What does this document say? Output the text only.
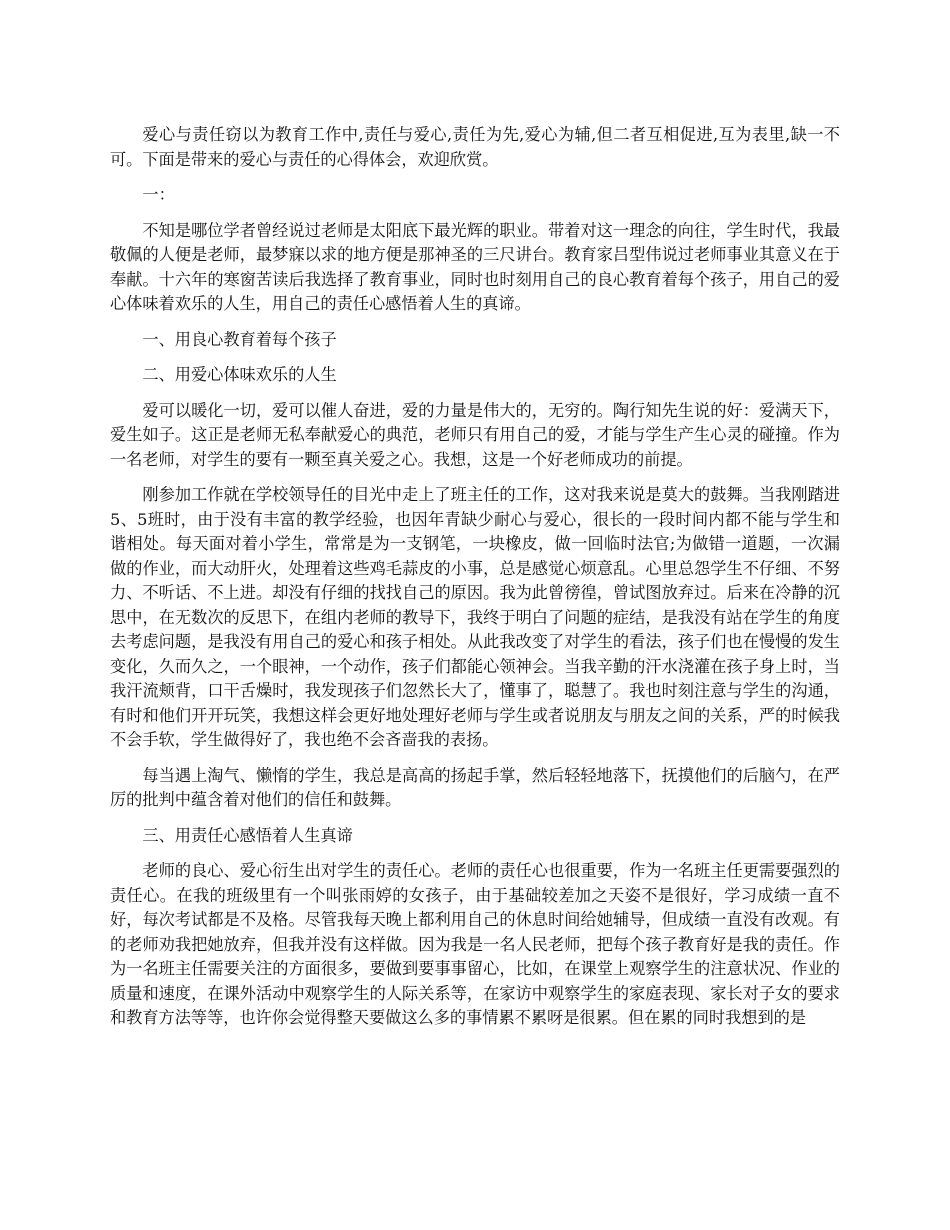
爱心与责任窃以为教育工作中,责任与爱心,责任为先,爱心为辅,但二者互相促进,互为表里,缺一不可。下面是带来的爱心与责任的心得体会，欢迎欣赏。

一：

不知是哪位学者曾经说过老师是太阳底下最光辉的职业。带着对这一理念的向往，学生时代，我最敬佩的人便是老师，最梦寐以求的地方便是那神圣的三尺讲台。教育家吕型伟说过老师事业其意义在于奉献。十六年的寒窗苦读后我选择了教育事业，同时也时刻用自己的良心教育着每个孩子，用自己的爱心体味着欢乐的人生，用自己的责任心感悟着人生的真谛。

一、用良心教育着每个孩子

二、用爱心体味欢乐的人生

爱可以暖化一切，爱可以催人奋进，爱的力量是伟大的，无穷的。陶行知先生说的好：爱满天下，爱生如子。这正是老师无私奉献爱心的典范，老师只有用自己的爱，才能与学生产生心灵的碰撞。作为一名老师，对学生的要有一颗至真关爱之心。我想，这是一个好老师成功的前提。

刚参加工作就在学校领导任的目光中走上了班主任的工作，这对我来说是莫大的鼓舞。当我刚踏进5、5班时，由于没有丰富的教学经验，也因年青缺少耐心与爱心，很长的一段时间内都不能与学生和谐相处。每天面对着小学生，常常是为一支钢笔，一块橡皮，做一回临时法官;为做错一道题，一次漏做的作业，而大动肝火，处理着这些鸡毛蒜皮的小事，总是感觉心烦意乱。心里总怨学生不仔细、不努力、不听话、不上进。却没有仔细的找找自己的原因。我为此曾徬徨，曾试图放弃过。后来在冷静的沉思中，在无数次的反思下，在组内老师的教导下，我终于明白了问题的症结，是我没有站在学生的角度去考虑问题，是我没有用自己的爱心和孩子相处。从此我改变了对学生的看法，孩子们也在慢慢的发生变化，久而久之，一个眼神，一个动作，孩子们都能心领神会。当我辛勤的汗水浇灌在孩子身上时，当我汗流颊背，口干舌燥时，我发现孩子们忽然长大了，懂事了，聪慧了。我也时刻注意与学生的沟通，有时和他们开开玩笑，我想这样会更好地处理好老师与学生或者说朋友与朋友之间的关系，严的时候我不会手软，学生做得好了，我也绝不会吝啬我的表扬。

每当遇上淘气、懒惰的学生，我总是高高的扬起手掌，然后轻轻地落下，抚摸他们的后脑勺，在严厉的批判中蕴含着对他们的信任和鼓舞。

三、用责任心感悟着人生真谛

老师的良心、爱心衍生出对学生的责任心。老师的责任心也很重要，作为一名班主任更需要强烈的责任心。在我的班级里有一个叫张雨婷的女孩子，由于基础较差加之天姿不是很好，学习成绩一直不好，每次考试都是不及格。尽管我每天晚上都利用自己的休息时间给她辅导，但成绩一直没有改观。有的老师劝我把她放弃，但我并没有这样做。因为我是一名人民老师，把每个孩子教育好是我的责任。作为一名班主任需要关注的方面很多，要做到要事事留心，比如，在课堂上观察学生的注意状况、作业的质量和速度，在课外活动中观察学生的人际关系等，在家访中观察学生的家庭表现、家长对子女的要求和教育方法等等，也许你会觉得整天要做这么多的事情累不累呀是很累。但在累的同时我想到的是
